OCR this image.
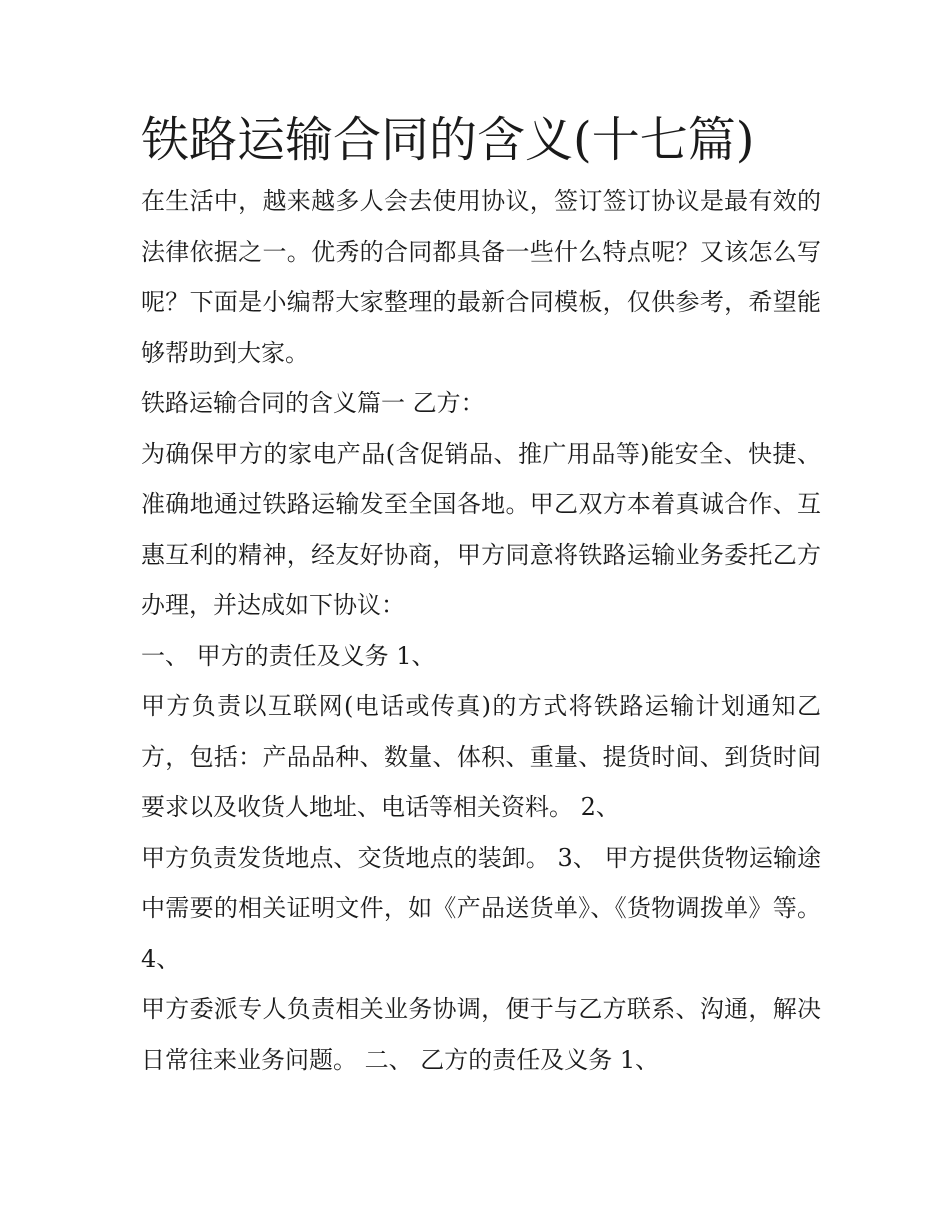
铁路运输合同的含义(十七篇)

在生活中，越来越多人会去使用协议，签订签订协议是最有效的法律依据之一。优秀的合同都具备一些什么特点呢？又该怎么写呢？下面是小编帮大家整理的最新合同模板，仅供参考，希望能够帮助到大家。

铁路运输合同的含义篇一 乙方：

为确保甲方的家电产品(含促销品、推广用品等)能安全、快捷、准确地通过铁路运输发至全国各地。甲乙双方本着真诚合作、互惠互利的精神，经友好协商，甲方同意将铁路运输业务委托乙方办理，并达成如下协议：

一、 甲方的责任及义务 1、

甲方负责以互联网(电话或传真)的方式将铁路运输计划通知乙方，包括：产品品种、数量、体积、重量、提货时间、到货时间要求以及收货人地址、电话等相关资料。 2、

甲方负责发货地点、交货地点的装卸。 3、 甲方提供货物运输途中需要的相关证明文件，如《产品送货单》、《货物调拨单》等。 4、

甲方委派专人负责相关业务协调，便于与乙方联系、沟通，解决日常往来业务问题。 二、 乙方的责任及义务 1、
